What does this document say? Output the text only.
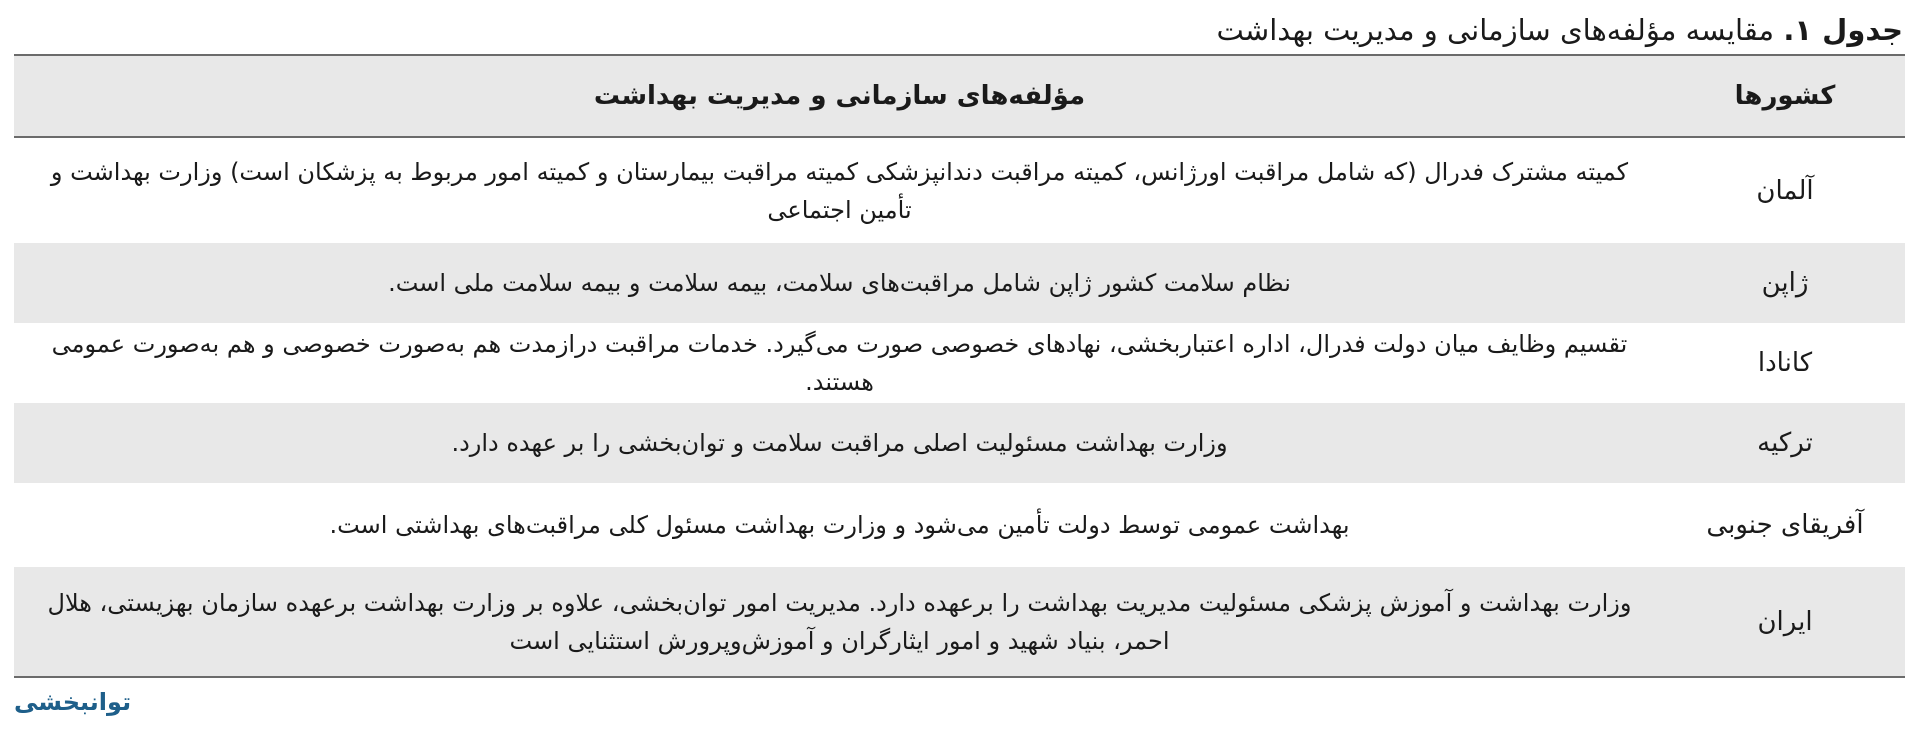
جدول ۱. مقایسه مؤلفه‌های سازمانی و مدیریت بهداشت
کشورها	مؤلفه‌های سازمانی و مدیریت بهداشت
آلمان	کمیته مشترک فدرال (که شامل مراقبت اورژانس، کمیته مراقبت دندانپزشکی کمیته مراقبت بیمارستان و کمیته امور مربوط به پزشکان است) وزارت بهداشت و تأمین اجتماعی
ژاپن	نظام سلامت کشور ژاپن شامل مراقبت‌های سلامت، بیمه سلامت و بیمه سلامت ملی است.
کانادا	تقسیم وظایف میان دولت فدرال، اداره اعتباربخشی، نهادهای خصوصی صورت می‌گیرد. خدمات مراقبت درازمدت هم به‌صورت خصوصی و هم به‌صورت عمومی هستند.
ترکیه	وزارت بهداشت مسئولیت اصلی مراقبت سلامت و توان‌بخشی را بر عهده دارد.
آفریقای جنوبی	بهداشت عمومی توسط دولت تأمین می‌شود و وزارت بهداشت مسئول کلی مراقبت‌های بهداشتی است.
ایران	وزارت بهداشت و آموزش پزشکی مسئولیت مدیریت بهداشت را برعهده دارد. مدیریت امور توان‌بخشی، علاوه بر وزارت بهداشت برعهده سازمان بهزیستی، هلال احمر، بنیاد شهید و امور ایثارگران و آموزش‌وپرورش استثنایی است
توانبخشی
